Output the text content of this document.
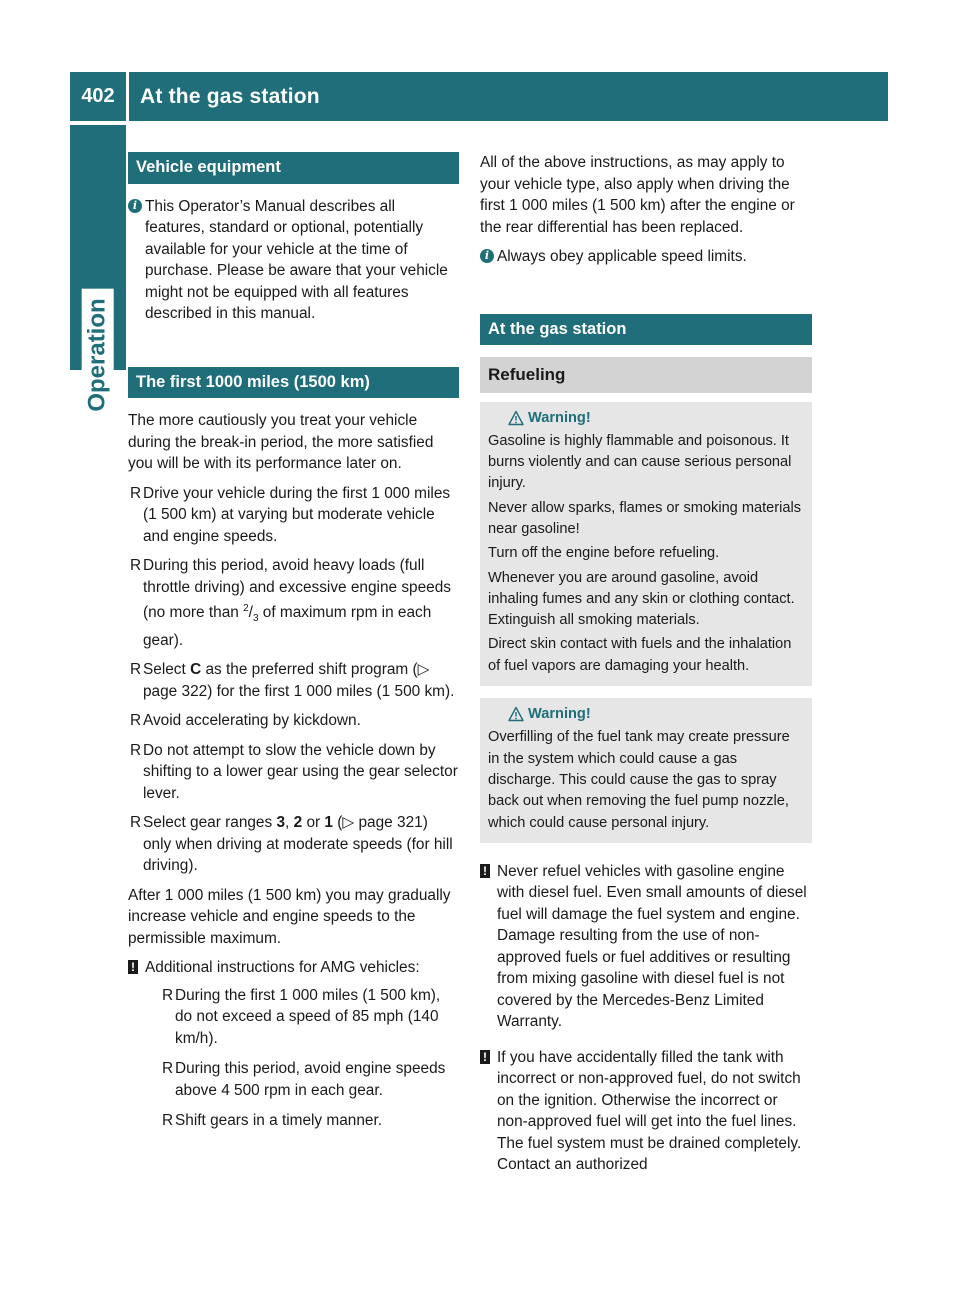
402	At the gas station
Operation
Vehicle equipment
i This Operator’s Manual describes all features, standard or optional, potentially available for your vehicle at the time of purchase. Please be aware that your vehicle might not be equipped with all features described in this manual.
The first 1000 miles (1500 km)

The more cautiously you treat your vehicle during the break-in period, the more satisfied you will be with its performance later on.

R Drive your vehicle during the first 1 000 miles (1 500 km) at varying but moderate vehicle and engine speeds.
R During this period, avoid heavy loads (full throttle driving) and excessive engine speeds (no more than $^2/_3$ of maximum rpm in each gear).
R Select C as the preferred shift program (▷ page 322) for the first 1 000 miles (1 500 km).
R Avoid accelerating by kickdown.
R Do not attempt to slow the vehicle down by shifting to a lower gear using the gear selector lever.
R Select gear ranges 3, 2 or 1 (▷ page 321) only when driving at moderate speeds (for hill driving).

After 1 000 miles (1 500 km) you may gradually increase vehicle and engine speeds to the permissible maximum.

! Additional instructions for AMG vehicles:
R During the first 1 000 miles (1 500 km), do not exceed a speed of 85 mph (140 km/h).
R During this period, avoid engine speeds above 4 500 rpm in each gear.
R Shift gears in a timely manner.

All of the above instructions, as may apply to your vehicle type, also apply when driving the first 1 000 miles (1 500 km) after the engine or the rear differential has been replaced.

i Always obey applicable speed limits.
At the gas station
Refueling
Warning!

Gasoline is highly flammable and poisonous. It burns violently and can cause serious personal injury.

Never allow sparks, flames or smoking materials near gasoline!

Turn off the engine before refueling.

Whenever you are around gasoline, avoid inhaling fumes and any skin or clothing contact. Extinguish all smoking materials.

Direct skin contact with fuels and the inhalation of fuel vapors are damaging your health.

Warning!

Overfilling of the fuel tank may create pressure in the system which could cause a gas discharge. This could cause the gas to spray back out when removing the fuel pump nozzle, which could cause personal injury.

! Never refuel vehicles with gasoline engine with diesel fuel. Even small amounts of diesel fuel will damage the fuel system and engine. Damage resulting from the use of non-approved fuels or fuel additives or resulting from mixing gasoline with diesel fuel is not covered by the Mercedes-Benz Limited Warranty.
! If you have accidentally filled the tank with incorrect or non-approved fuel, do not switch on the ignition. Otherwise the incorrect or non-approved fuel will get into the fuel lines. The fuel system must be drained completely. Contact an authorized
